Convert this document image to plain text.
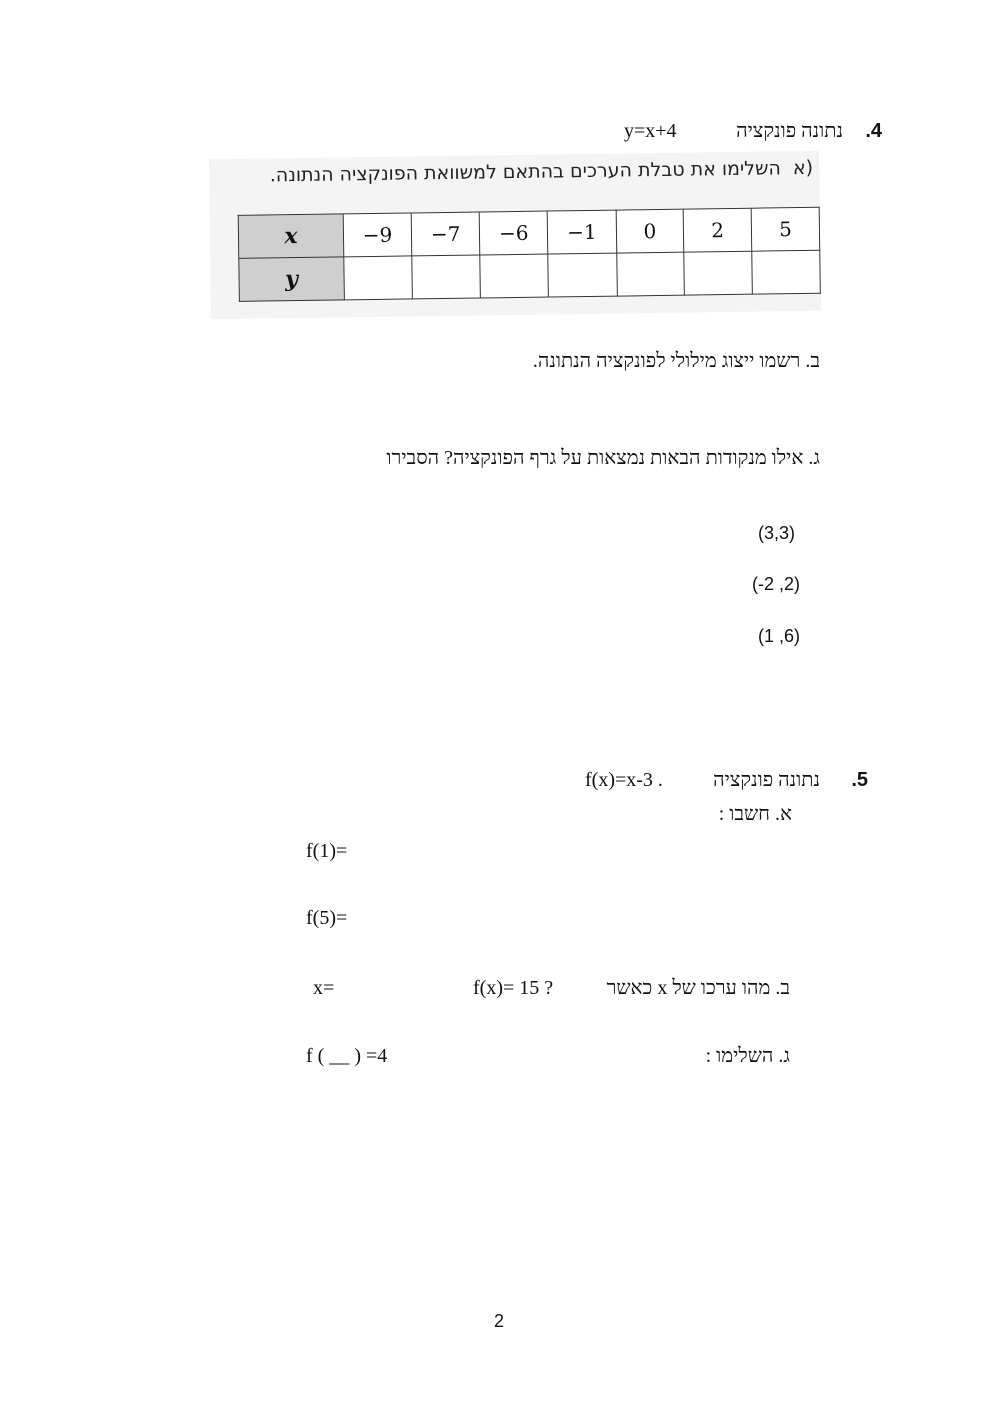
.4
נתונה פונקציה
y=x+4
(א  השלימו את טבלת הערכים בהתאם למשוואת הפונקציה הנתונה.
x	−9	−7	−6	−1	0	2	5
y							
ב. רשמו ייצוג מילולי לפונקציה הנתונה.
ג. אילו מנקודות הבאות נמצאות על גרף הפונקציה? הסבירו
(3,3)
(-2 ,2)
(1 ,6)
.5
נתונה פונקציה
f(x)=x-3 .
א. חשבו :
f(1)=
f(5)=
ב. מהו ערכו של x כאשר
f(x)= 15 ?
x=
ג. השלימו :
f ( __ ) =4
2
